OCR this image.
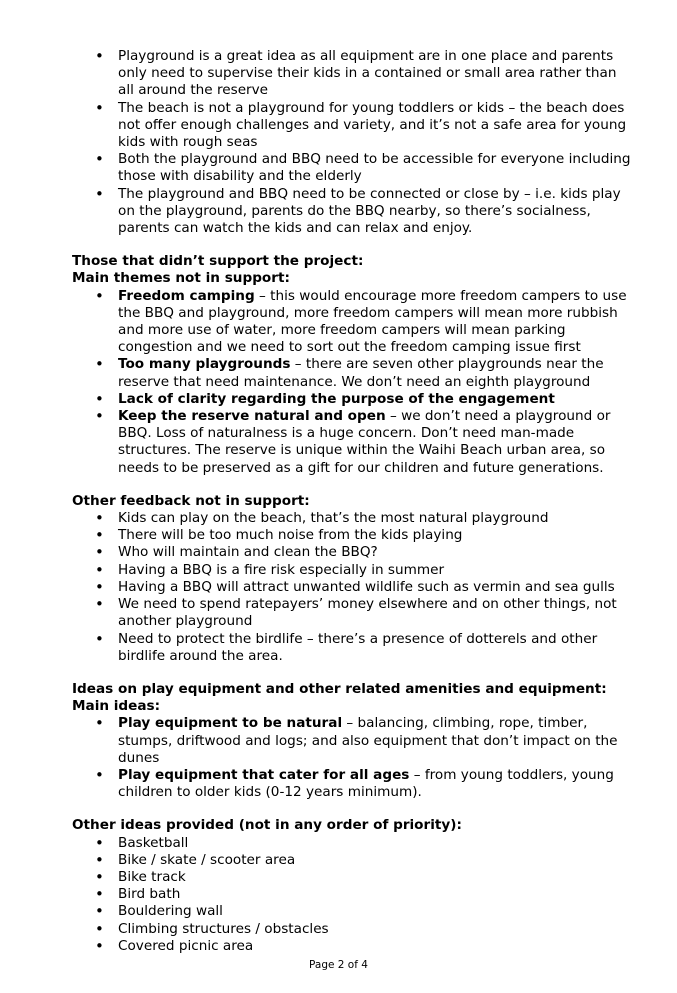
• Playground is a great idea as all equipment are in one place and parents only need to supervise their kids in a contained or small area rather than all around the reserve
• The beach is not a playground for young toddlers or kids – the beach does not offer enough challenges and variety, and it’s not a safe area for young kids with rough seas
• Both the playground and BBQ need to be accessible for everyone including those with disability and the elderly
• The playground and BBQ need to be connected or close by – i.e. kids play on the playground, parents do the BBQ nearby, so there’s socialness, parents can watch the kids and can relax and enjoy.
Those that didn’t support the project:
Main themes not in support:
• Freedom camping – this would encourage more freedom campers to use the BBQ and playground, more freedom campers will mean more rubbish and more use of water, more freedom campers will mean parking congestion and we need to sort out the freedom camping issue first
• Too many playgrounds – there are seven other playgrounds near the reserve that need maintenance. We don’t need an eighth playground
• Lack of clarity regarding the purpose of the engagement
• Keep the reserve natural and open – we don’t need a playground or BBQ. Loss of naturalness is a huge concern. Don’t need man-made structures. The reserve is unique within the Waihi Beach urban area, so needs to be preserved as a gift for our children and future generations.
Other feedback not in support:
• Kids can play on the beach, that’s the most natural playground
• There will be too much noise from the kids playing
• Who will maintain and clean the BBQ?
• Having a BBQ is a fire risk especially in summer
• Having a BBQ will attract unwanted wildlife such as vermin and sea gulls
• We need to spend ratepayers’ money elsewhere and on other things, not another playground
• Need to protect the birdlife – there’s a presence of dotterels and other birdlife around the area.
Ideas on play equipment and other related amenities and equipment:
Main ideas:
• Play equipment to be natural – balancing, climbing, rope, timber, stumps, driftwood and logs; and also equipment that don’t impact on the dunes
• Play equipment that cater for all ages – from young toddlers, young children to older kids (0-12 years minimum).
Other ideas provided (not in any order of priority):
• Basketball
• Bike / skate / scooter area
• Bike track
• Bird bath
• Bouldering wall
• Climbing structures / obstacles
• Covered picnic area
Page 2 of 4
